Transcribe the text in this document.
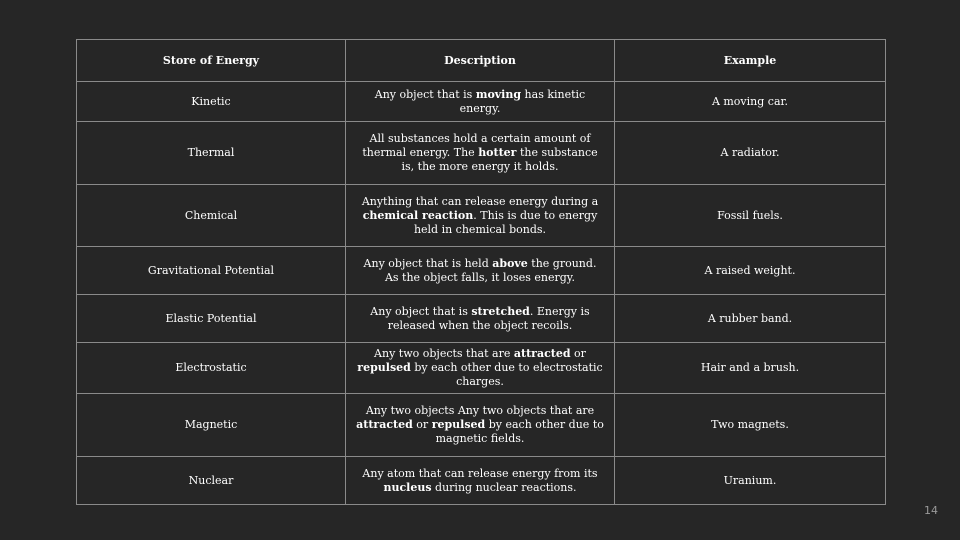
Store of Energy	Description	Example
Kinetic	Any object that is moving has kinetic energy.	A moving car.
Thermal	All substances hold a certain amount of thermal energy. The hotter the substance is, the more energy it holds.	A radiator.
Chemical	Anything that can release energy during a chemical reaction. This is due to energy held in chemical bonds.	Fossil fuels.
Gravitational Potential	Any object that is held above the ground. As the object falls, it loses energy.	A raised weight.
Elastic Potential	Any object that is stretched. Energy is released when the object recoils.	A rubber band.
Electrostatic	Any two objects that are attracted or repulsed by each other due to electrostatic charges.	Hair and a brush.
Magnetic	Any two objects Any two objects that are attracted or repulsed by each other due to magnetic fields.	Two magnets.
Nuclear	Any atom that can release energy from its nucleus during nuclear reactions.	Uranium.
14
